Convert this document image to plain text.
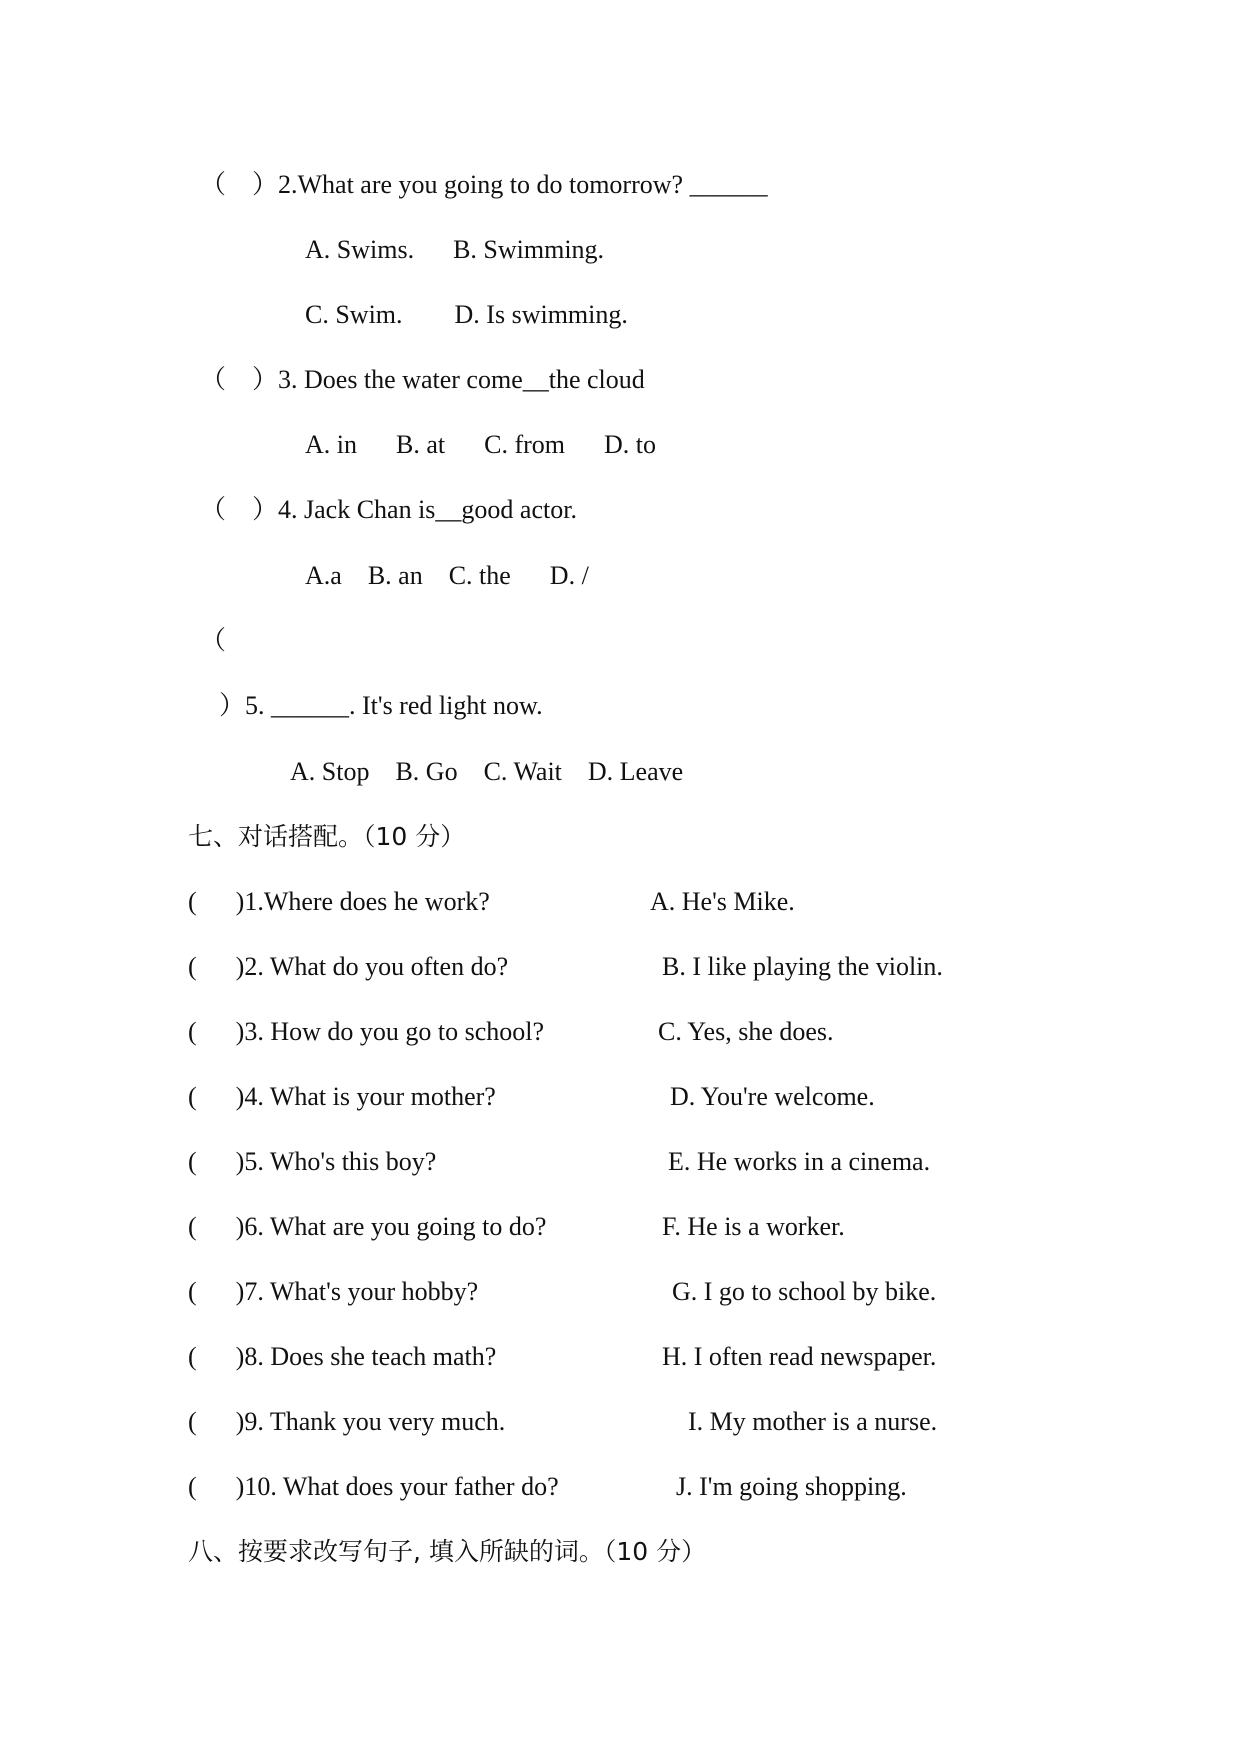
（    ）2.What are you going to do tomorrow? ______
A. Swims.      B. Swimming.
C. Swim.        D. Is swimming.
（    ）3. Does the water come__the cloud
A. in      B. at      C. from      D. to
（    ）4. Jack Chan is__good actor.
A.a    B. an    C. the      D. /
（
）5. ______. It's red light now.
A. Stop    B. Go    C. Wait    D. Leave
七、对话搭配。（10 分）
(      )1.Where does he work?	A. He's Mike.
(      )2. What do you often do?	B. I like playing the violin.
(      )3. How do you go to school?	C. Yes, she does.
(      )4. What is your mother?	D. You're welcome.
(      )5. Who's this boy?	E. He works in a cinema.
(      )6. What are you going to do?	F. He is a worker.
(      )7. What's your hobby?	G. I go to school by bike.
(      )8. Does she teach math?	H. I often read newspaper.
(      )9. Thank you very much.	I. My mother is a nurse.
(      )10. What does your father do?	J. I'm going shopping.
八、按要求改写句子, 填入所缺的词。（10 分）
